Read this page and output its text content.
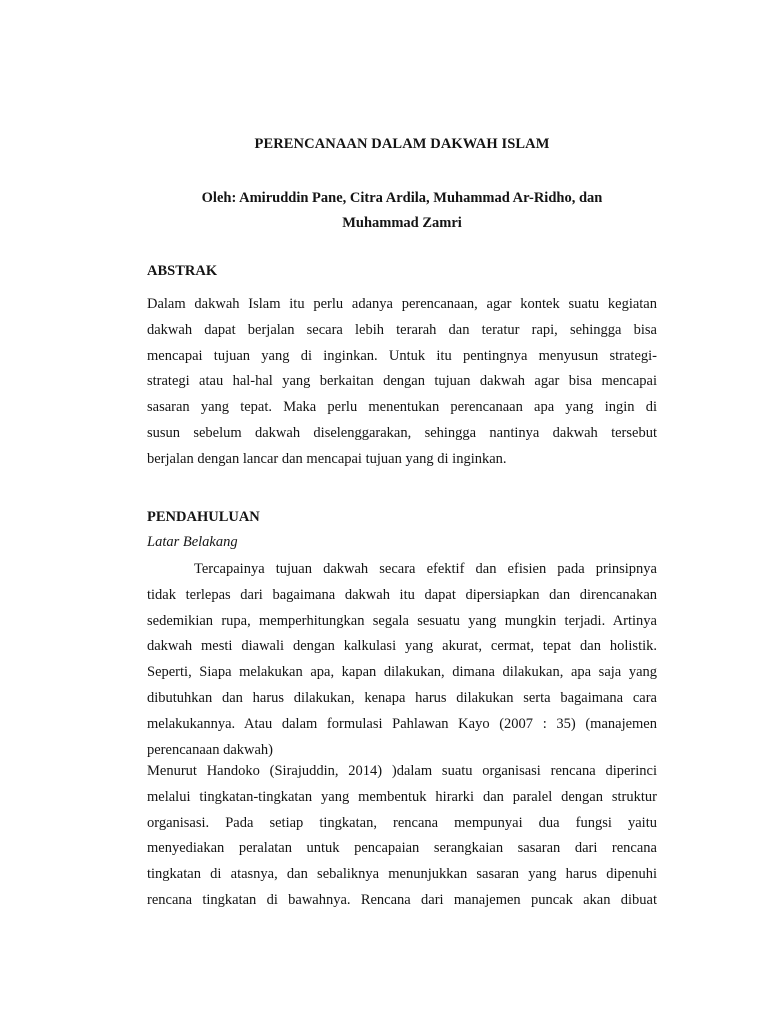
PERENCANAAN DALAM DAKWAH ISLAM
Oleh: Amiruddin Pane, Citra Ardila, Muhammad Ar-Ridho, dan
Muhammad Zamri
ABSTRAK
Dalam dakwah Islam itu perlu adanya perencanaan, agar kontek suatu kegiatan
dakwah dapat berjalan secara lebih terarah dan teratur rapi, sehingga bisa
mencapai tujuan yang di inginkan. Untuk itu pentingnya menyusun strategi-
strategi atau hal-hal yang berkaitan dengan tujuan dakwah agar bisa mencapai
sasaran yang tepat. Maka perlu menentukan perencanaan apa yang ingin di
susun sebelum dakwah diselenggarakan, sehingga nantinya dakwah tersebut
berjalan dengan lancar dan mencapai tujuan yang di inginkan.
PENDAHULUAN
Latar Belakang
Tercapainya tujuan dakwah secara efektif dan efisien pada prinsipnya
tidak terlepas dari bagaimana dakwah itu dapat dipersiapkan dan direncanakan
sedemikian rupa, memperhitungkan segala sesuatu yang mungkin terjadi. Artinya
dakwah mesti diawali dengan kalkulasi yang akurat, cermat, tepat dan holistik.
Seperti, Siapa melakukan apa, kapan dilakukan, dimana dilakukan, apa saja yang
dibutuhkan dan harus dilakukan, kenapa harus dilakukan serta bagaimana cara
melakukannya. Atau dalam formulasi Pahlawan Kayo (2007 : 35) (manajemen
perencanaan dakwah)
Menurut Handoko (Sirajuddin, 2014) )dalam suatu organisasi rencana diperinci
melalui tingkatan-tingkatan yang membentuk hirarki dan paralel dengan struktur
organisasi. Pada setiap tingkatan, rencana mempunyai dua fungsi yaitu
menyediakan peralatan untuk pencapaian serangkaian sasaran dari rencana
tingkatan di atasnya, dan sebaliknya menunjukkan sasaran yang harus dipenuhi
rencana tingkatan di bawahnya. Rencana dari manajemen puncak akan dibuat
